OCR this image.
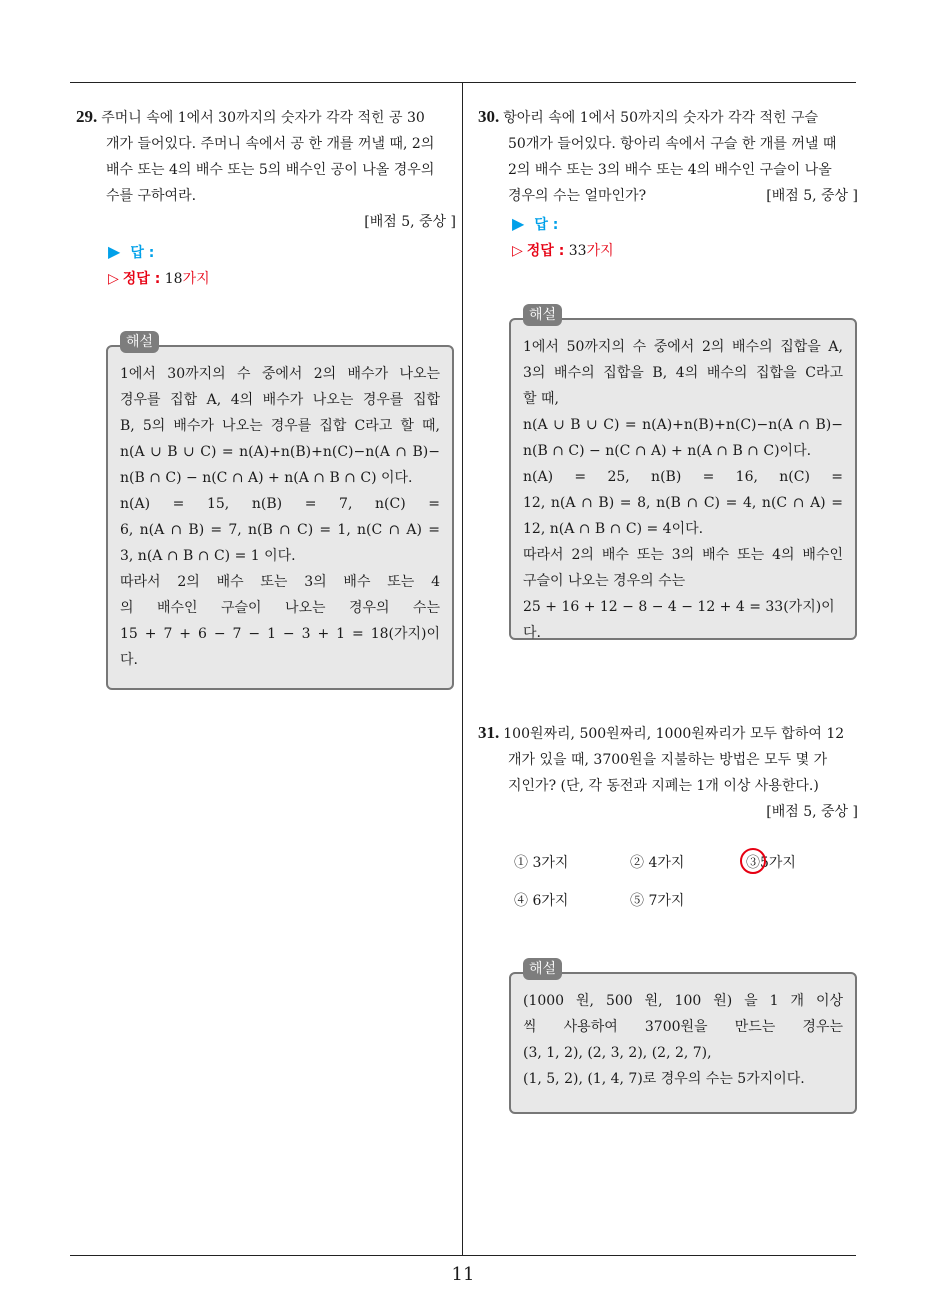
29. 주머니 속에 1에서 30까지의 숫자가 각각 적힌 공 30
개가 들어있다. 주머니 속에서 공 한 개를 꺼낼 때, 2의
배수 또는 4의 배수 또는 5의 배수인 공이 나올 경우의
수를 구하여라.
[배점 5, 중상 ]
▶ 답 :
▷ 정답 : 18가지
해설

1에서 30까지의 수 중에서 2의 배수가 나오는

경우를 집합 A, 4의 배수가 나오는 경우를 집합

B, 5의 배수가 나오는 경우를 집합 C라고 할 때,

n(A ∪ B ∪ C) = n(A)+n(B)+n(C)−n(A ∩ B)−

n(B ∩ C) − n(C ∩ A) + n(A ∩ B ∩ C) 이다.

n(A) = 15, n(B) = 7, n(C) =

6, n(A ∩ B) = 7, n(B ∩ C) = 1, n(C ∩ A) =

3, n(A ∩ B ∩ C) = 1 이다.

따라서 2의 배수 또는 3의 배수 또는 4

의 배수인 구슬이 나오는 경우의 수는

15 + 7 + 6 − 7 − 1 − 3 + 1 = 18(가지)이

다.

30. 항아리 속에 1에서 50까지의 숫자가 각각 적힌 구슬
50개가 들어있다. 항아리 속에서 구슬 한 개를 꺼낼 때
2의 배수 또는 3의 배수 또는 4의 배수인 구슬이 나올
경우의 수는 얼마인가?	[배점 5, 중상 ]
▶ 답 :
▷ 정답 : 33가지
해설

1에서 50까지의 수 중에서 2의 배수의 집합을 A,

3의 배수의 집합을 B, 4의 배수의 집합을 C라고

할 때,

n(A ∪ B ∪ C) = n(A)+n(B)+n(C)−n(A ∩ B)−

n(B ∩ C) − n(C ∩ A) + n(A ∩ B ∩ C)이다.

n(A) = 25, n(B) = 16, n(C) =

12, n(A ∩ B) = 8, n(B ∩ C) = 4, n(C ∩ A) =

12, n(A ∩ B ∩ C) = 4이다.

따라서 2의 배수 또는 3의 배수 또는 4의 배수인

구슬이 나오는 경우의 수는

25 + 16 + 12 − 8 − 4 − 12 + 4 = 33(가지)이다.

31. 100원짜리, 500원짜리, 1000원짜리가 모두 합하여 12
개가 있을 때, 3700원을 지불하는 방법은 모두 몇 가
지인가? (단, 각 동전과 지폐는 1개 이상 사용한다.)
[배점 5, 중상 ]
① 3가지	② 4가지	③5가지
④ 6가지	⑤ 7가지
해설

(1000 원, 500 원, 100 원) 을 1 개 이상

씩 사용하여 3700원을 만드는 경우는

(3, 1, 2), (2, 3, 2), (2, 2, 7),

(1, 5, 2), (1, 4, 7)로 경우의 수는 5가지이다.

11
